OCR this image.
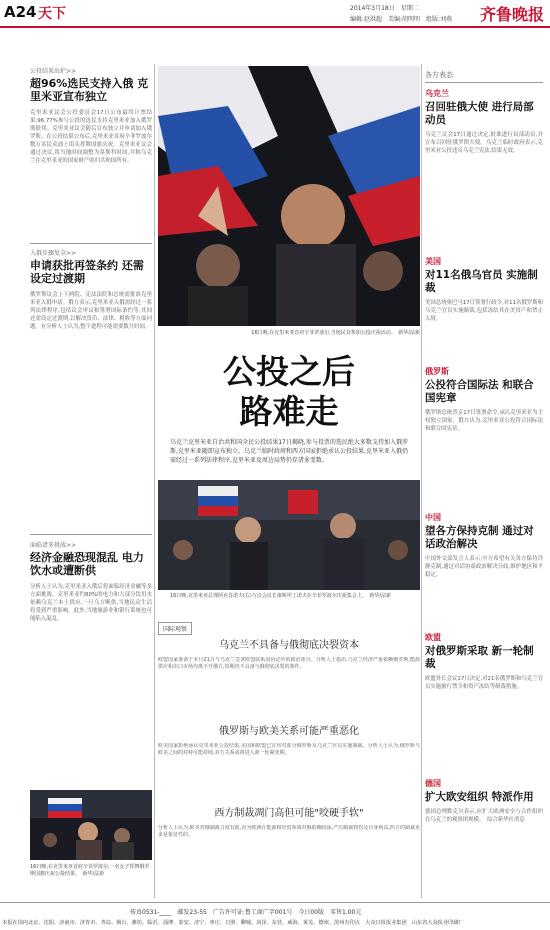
A24 天下	2014年3月18日　星期二
编辑:赵洪超　美编:胡明明　组版:刘燕 齐鲁晚报
公投结果出炉>>
超96%选民支持入俄 克里米亚宣布独立
克里米亚议会公投委员会17日公布最终计票结果,96.77%参与公投的选民支持克里米亚加入俄罗斯联邦。克里米亚议会随后宣布独立并申请加入俄罗斯。在公投结果公布后,克里米亚首府辛菲罗波尔数万名民众涌上街头挥舞国旗庆祝。克里米亚议会通过决议,将当地时间调整为莫斯科时间,并称乌克兰在克里米亚的国家财产收归共和国所有。
入俄步骤复杂>>
申请获批再签条约 还需设定过渡期
俄罗斯议会上下两院、宪法法院和总统需批准克里米亚入俄申请。俄方表示,克里米亚入俄需经过一系列法律程序,包括议会审议和签署国际条约等,其间还需设定过渡期,以解决货币、法律、税收等方面问题。有分析人士认为,整个进程可能需要数月时间。
面临诸多挑战>>
经济金融恐现混乱 电力饮水或遭断供
分析人士认为,克里米亚入俄后将面临经济金融等多方面挑战。克里米亚约80%的电力和大部分饮用水依赖乌克兰本土供应,一旦乌方断供,当地民众生活将受到严重影响。此外,当地旅游业和银行系统也可能陷入混乱。
16日晚,在克里米亚首府辛菲罗波尔,一名女子挥舞俄罗斯国旗庆祝公投结果。　新华/法新
16日晚,在克里米亚首府辛菲罗波尔,当地民众参加公投庆祝活动。　新华/法新
公投之后 路难走
乌克兰克里米亚自治共和国全民公投结果17日揭晓,参与投票的选民绝大多数支持加入俄罗斯,克里米亚随即宣布独立。乌克兰临时政府和西方国家拒绝承认公投结果,克里米亚入俄仍需经过一系列法律程序,克里米亚及周边局势仍存诸多变数。
16日晚,克里米亚总理阿克肖诺夫(右)与议会议长康斯坦丁诺夫在辛菲罗波尔庆祝集会上。　新华/法新
国际观察
乌克兰不具备与俄彻底决裂资本
欧盟国家准备于本月21日与乌克兰签署欧盟联系国协定中的政治部分。分析人士指出,乌克兰经济严重依赖俄罗斯,能源供应和出口市场均离不开俄方,短期内不具备与俄彻底决裂的条件。
俄罗斯与欧美关系可能严重恶化
欧美国家拒绝承认克里米亚公投结果,美国和欧盟已宣布对部分俄罗斯及乌克兰官员实施制裁。分析人士认为,俄罗斯与欧美之间的对峙可能持续,双方关系或将进入新一轮紧张期。
西方制裁凋门高但可能"咬硬手软"
分析人士认为,欧美对俄制裁力度有限,因为欧洲在能源和经贸领域对俄依赖较深,严厉制裁将伤及自身利益,西方的制裁更多是象征性的。
各方表态
乌克兰
召回驻俄大使 进行局部动员
乌克兰议会17日通过决定,批准进行局部动员,并宣布召回驻俄罗斯大使。乌克兰临时政府表示,克里米亚公投违反乌克兰宪法,结果无效。
美国
对11名俄乌官员 实施制裁
美国总统奥巴马17日签署行政令,对11名俄罗斯和乌克兰官员实施制裁,包括冻结其在美资产和禁止入境。
俄罗斯
公投符合国际法 和联合国宪章
俄罗斯总统普京17日签署命令,承认克里米亚为主权独立国家。俄方认为,克里米亚公投符合国际法和联合国宪章。
中国
望各方保持克制 通过对话政治解决
中国外交部发言人表示,中方希望有关各方保持冷静克制,通过对话协商政治解决分歧,维护地区和平稳定。
欧盟
对俄罗斯采取 新一轮制裁
欧盟外长会议17日决定,对21名俄罗斯和乌克兰官员实施旅行禁令和资产冻结等制裁措施。
德国
扩大欧安组织 特派作用
德国总理默克尔表示,应扩大欧洲安全与合作组织在乌克兰的观察团规模。　综合新华社消息
传真0531-____　邮发23-55　广告许可证:鲁工商广字001号　今日00版　零售1.00元
本报在国内北京、沈阳、济南市、济青市、青岛、烟台、潍坊、临沂、淄博、泰安、济宁、枣庄、日照、聊城、菏泽、东营、威海、莱芜、德州、滨州有印点　大众日报报业集团　山东省大众报业印刷厂
